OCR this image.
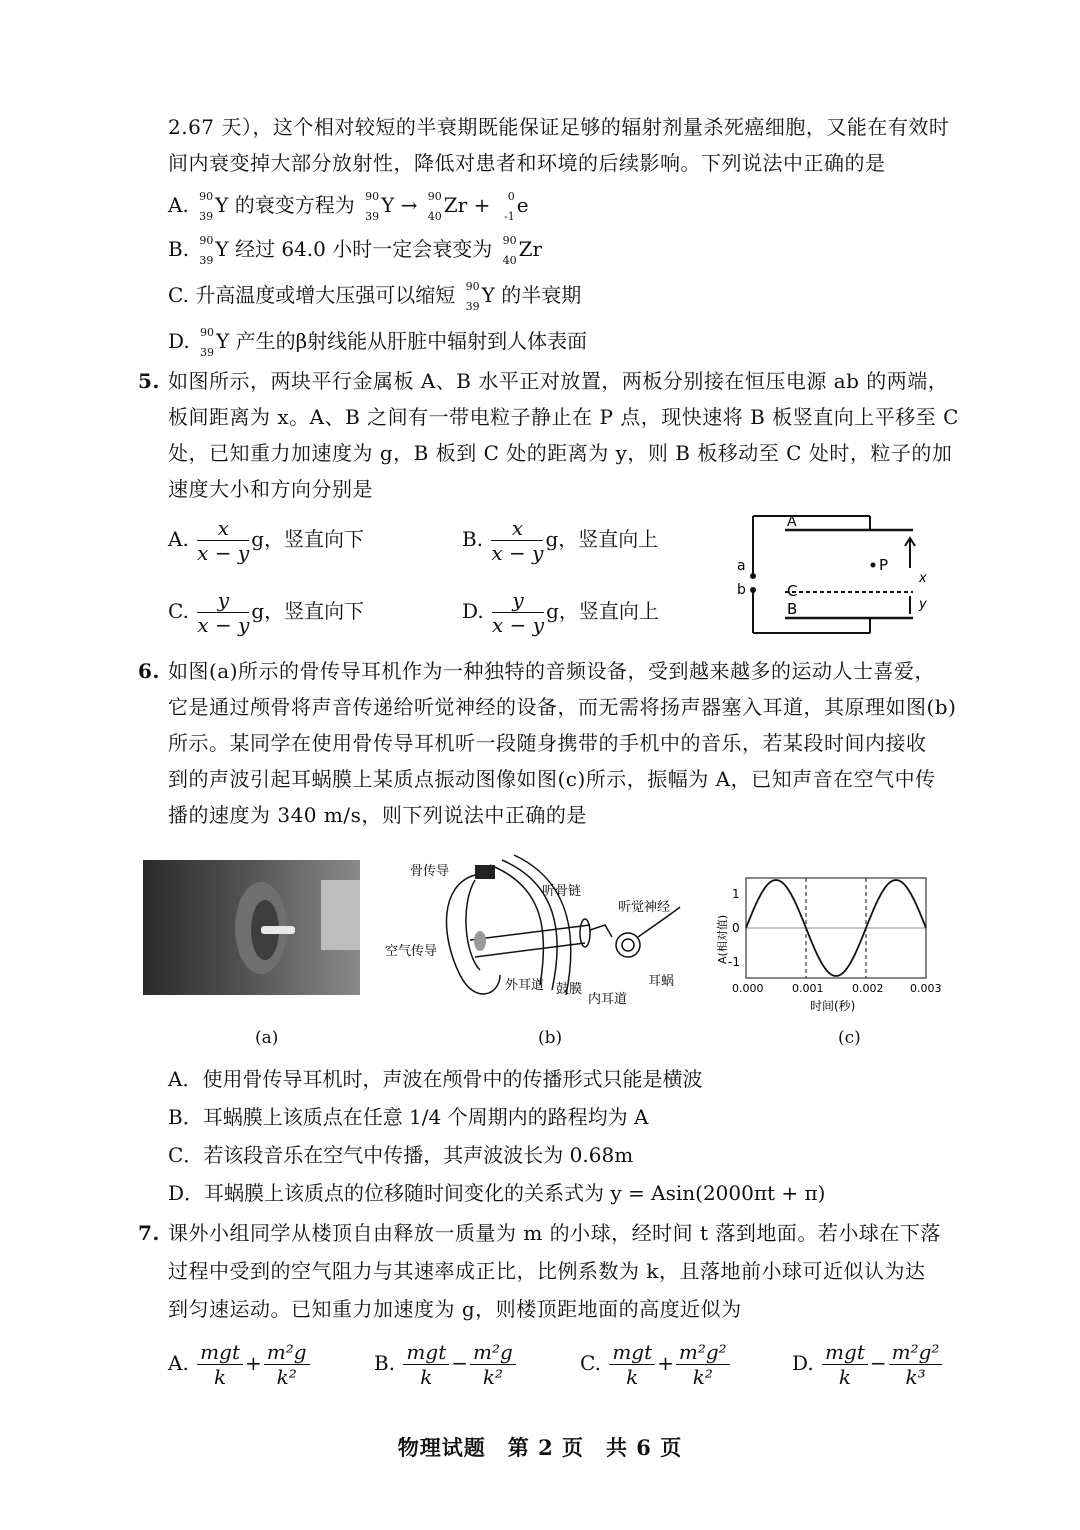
2.67 天），这个相对较短的半衰期既能保证足够的辐射剂量杀死癌细胞，又能在有效时
间内衰变掉大部分放射性，降低对患者和环境的后续影响。下列说法中正确的是
A. 90
39 Y 的衰变方程为 90
39 Y → 90
40 Zr + 0
-1 e
B. 90
39 Y 经过 64.0 小时一定会衰变为 90
40 Zr
C. 升高温度或增大压强可以缩短 90
39 Y 的半衰期
D. 90
39 Y 产生的β射线能从肝脏中辐射到人体表面
5. 如图所示，两块平行金属板 A、B 水平正对放置，两板分别接在恒压电源 ab 的两端，
板间距离为 x。A、B 之间有一带电粒子静止在 P 点，现快速将 B 板竖直向上平移至 C
处，已知重力加速度为 g，B 板到 C 处的距离为 y，则 B 板移动至 C 处时，粒子的加
速度大小和方向分别是
A. $\frac{x}{x - y}$ g，竖直向下	B. $\frac{x}{x - y}$ g，竖直向上
C. $\frac{y}{x - y}$ g，竖直向下	D. $\frac{y}{x - y}$ g，竖直向上
a
b
A
P
C
B
x
y
6. 如图(a)所示的骨传导耳机作为一种独特的音频设备，受到越来越多的运动人士喜爱，
它是通过颅骨将声音传递给听觉神经的设备，而无需将扬声器塞入耳道，其原理如图(b)
所示。某同学在使用骨传导耳机听一段随身携带的手机中的音乐，若某段时间内接收
到的声波引起耳蜗膜上某质点振动图像如图(c)所示，振幅为 A，已知声音在空气中传
播的速度为 340 m/s，则下列说法中正确的是
(a)
骨传导
听骨链
听觉神经
空气传导
外耳道 鼓膜
内耳道
耳蜗
(b)
1
0
-1
0.000	0.001	0.002 0.003
时间(秒)
A(相对值)
(c)
A．使用骨传导耳机时，声波在颅骨中的传播形式只能是横波
B．耳蜗膜上该质点在任意 1/4 个周期内的路程均为 A
C．若该段音乐在空气中传播，其声波波长为 0.68m
D．耳蜗膜上该质点的位移随时间变化的关系式为 y = Asin(2000πt + π)
7. 课外小组同学从楼顶自由释放一质量为 m 的小球，经时间 t 落到地面。若小球在下落
过程中受到的空气阻力与其速率成正比，比例系数为 k，且落地前小球可近似认为达
到匀速运动。已知重力加速度为 g，则楼顶距地面的高度近似为
A. $\frac{\text{mgt}}{k} + \frac{\text{m²g}}{\text{k²}}$	B. $\frac{\text{mgt}}{k} - \frac{\text{m²g}}{\text{k²}}$	C. $\frac{\text{mgt}}{k} + \frac{\text{m²g²}}{\text{k²}}$	D. $\frac{\text{mgt}}{k} - \frac{\text{m²g²}}{\text{k³}}$
物理试题　第 2 页　共 6 页
